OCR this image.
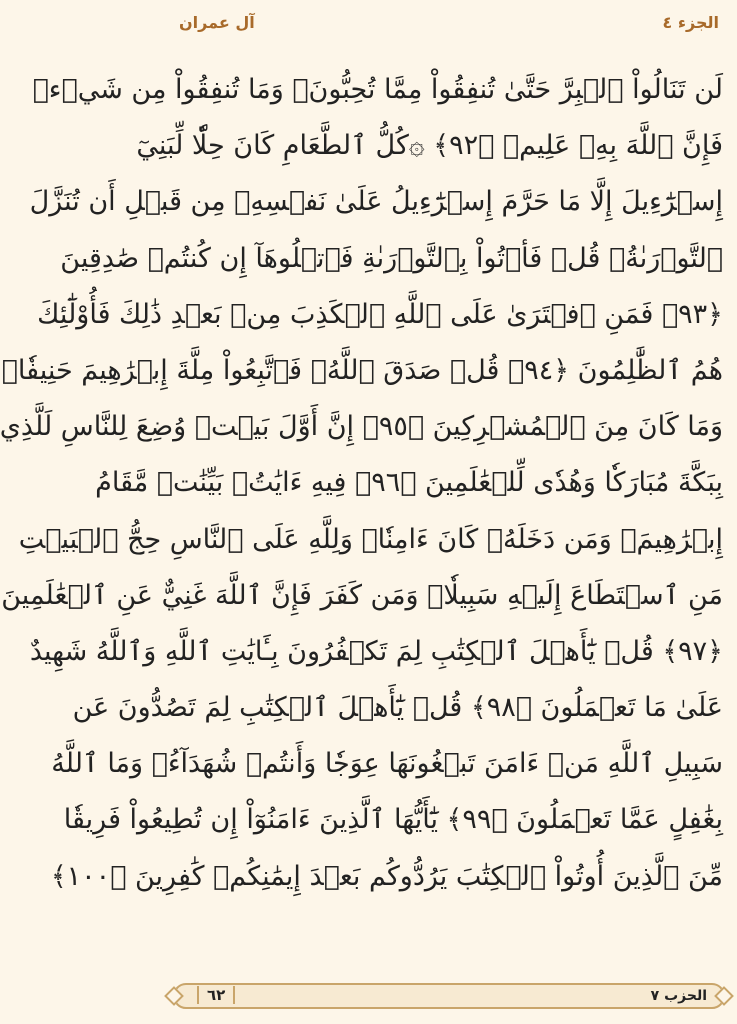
الجزء ٤
آل عمران
لَن تَنَالُواْ ٱلۡبِرَّ حَتَّىٰ تُنفِقُواْ مِمَّا تُحِبُّونَۚ وَمَا تُنفِقُواْ مِن شَيۡءٖ
فَإِنَّ ٱللَّهَ بِهِۦ عَلِيمٞ ﴿٩٢﴾ ۞كُلُّ ٱلطَّعَامِ كَانَ حِلّٗا لِّبَنِيٓ
إِسۡرَٰٓءِيلَ إِلَّا مَا حَرَّمَ إِسۡرَٰٓءِيلُ عَلَىٰ نَفۡسِهِۦ مِن قَبۡلِ أَن تُنَزَّلَ
ٱلتَّوۡرَىٰةُۚ قُلۡ فَأۡتُواْ بِٱلتَّوۡرَىٰةِ فَٱتۡلُوهَآ إِن كُنتُمۡ صَٰدِقِينَ
﴿٩٣﴾ فَمَنِ ٱفۡتَرَىٰ عَلَى ٱللَّهِ ٱلۡكَذِبَ مِنۢ بَعۡدِ ذَٰلِكَ فَأُوْلَٰٓئِكَ
هُمُ ٱلظَّٰلِمُونَ ﴿٩٤﴾ قُلۡ صَدَقَ ٱللَّهُۗ فَٱتَّبِعُواْ مِلَّةَ إِبۡرَٰهِيمَ حَنِيفٗاۖ
وَمَا كَانَ مِنَ ٱلۡمُشۡرِكِينَ ﴿٩٥﴾ إِنَّ أَوَّلَ بَيۡتٖ وُضِعَ لِلنَّاسِ لَلَّذِي
بِبَكَّةَ مُبَارَكٗا وَهُدٗى لِّلۡعَٰلَمِينَ ﴿٩٦﴾ فِيهِ ءَايَٰتُۢ بَيِّنَٰتٞ مَّقَامُ
إِبۡرَٰهِيمَۖ وَمَن دَخَلَهُۥ كَانَ ءَامِنٗاۗ وَلِلَّهِ عَلَى ٱلنَّاسِ حِجُّ ٱلۡبَيۡتِ
مَنِ ٱسۡتَطَاعَ إِلَيۡهِ سَبِيلٗاۚ وَمَن كَفَرَ فَإِنَّ ٱللَّهَ غَنِيٌّ عَنِ ٱلۡعَٰلَمِينَ
﴿٩٧﴾ قُلۡ يَٰٓأَهۡلَ ٱلۡكِتَٰبِ لِمَ تَكۡفُرُونَ بِـَٔايَٰتِ ٱللَّهِ وَٱللَّهُ شَهِيدٌ
عَلَىٰ مَا تَعۡمَلُونَ ﴿٩٨﴾ قُلۡ يَٰٓأَهۡلَ ٱلۡكِتَٰبِ لِمَ تَصُدُّونَ عَن
سَبِيلِ ٱللَّهِ مَنۡ ءَامَنَ تَبۡغُونَهَا عِوَجٗا وَأَنتُمۡ شُهَدَآءُۗ وَمَا ٱللَّهُ
بِغَٰفِلٍ عَمَّا تَعۡمَلُونَ ﴿٩٩﴾ يَٰٓأَيُّهَا ٱلَّذِينَ ءَامَنُوٓاْ إِن تُطِيعُواْ فَرِيقٗا
مِّنَ ٱلَّذِينَ أُوتُواْ ٱلۡكِتَٰبَ يَرُدُّوكُم بَعۡدَ إِيمَٰنِكُمۡ كَٰفِرِينَ ﴿١٠٠﴾
الحزب ٧
٦٢
